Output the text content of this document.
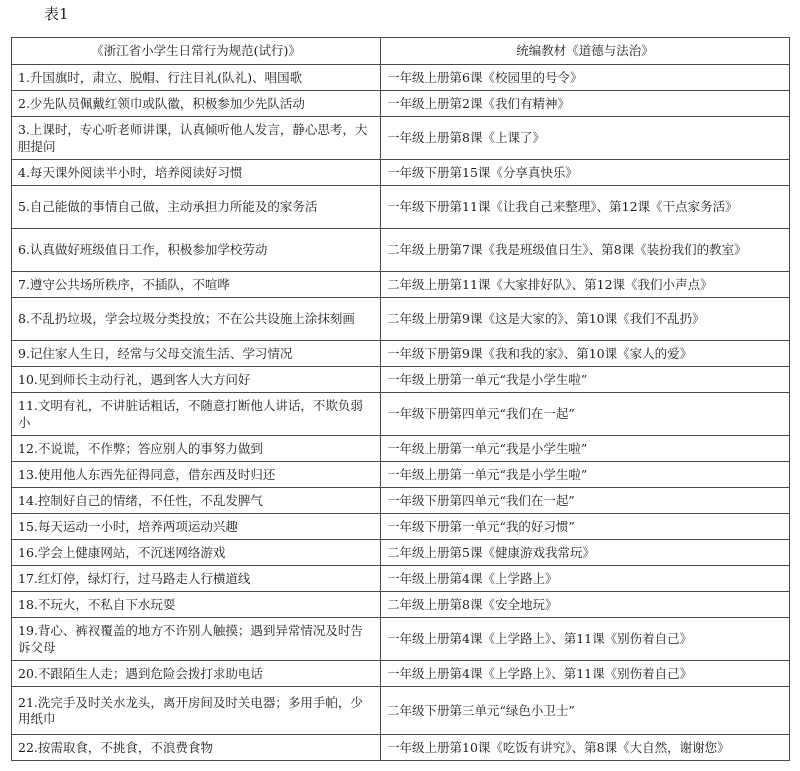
表1
《浙江省小学生日常行为规范(试行)》	统编教材《道德与法治》
1.升国旗时，肃立、脱帽、行注目礼(队礼)、唱国歌	一年级上册第6课《校园里的号令》
2.少先队员佩戴红领巾或队徽，积极参加少先队活动	一年级上册第2课《我们有精神》
3.上课时，专心听老师讲课，认真倾听他人发言，静心思考，大胆提问	一年级上册第8课《上课了》
4.每天课外阅读半小时，培养阅读好习惯	一年级下册第15课《分享真快乐》
5.自己能做的事情自己做，主动承担力所能及的家务活	一年级下册第11课《让我自己来整理》、第12课《干点家务活》
6.认真做好班级值日工作，积极参加学校劳动	二年级上册第7课《我是班级值日生》、第8课《装扮我们的教室》
7.遵守公共场所秩序，不插队，不喧哗	二年级上册第11课《大家排好队》、第12课《我们小声点》
8.不乱扔垃圾，学会垃圾分类投放；不在公共设施上涂抹刻画	二年级上册第9课《这是大家的》、第10课《我们不乱扔》
9.记住家人生日，经常与父母交流生活、学习情况	一年级下册第9课《我和我的家》、第10课《家人的爱》
10.见到师长主动行礼，遇到客人大方问好	一年级上册第一单元“我是小学生啦”
11.文明有礼，不讲脏话粗话，不随意打断他人讲话，不欺负弱小	一年级下册第四单元“我们在一起”
12.不说谎，不作弊；答应别人的事努力做到	一年级上册第一单元“我是小学生啦”
13.使用他人东西先征得同意，借东西及时归还	一年级上册第一单元“我是小学生啦”
14.控制好自己的情绪，不任性，不乱发脾气	一年级下册第四单元“我们在一起”
15.每天运动一小时，培养两项运动兴趣	一年级下册第一单元“我的好习惯”
16.学会上健康网站，不沉迷网络游戏	二年级上册第5课《健康游戏我常玩》
17.红灯停，绿灯行，过马路走人行横道线	一年级上册第4课《上学路上》
18.不玩火，不私自下水玩耍	二年级上册第8课《安全地玩》
19.背心、裤衩覆盖的地方不许别人触摸；遇到异常情况及时告诉父母	一年级上册第4课《上学路上》、第11课《别伤着自己》
20.不跟陌生人走；遇到危险会拨打求助电话	一年级上册第4课《上学路上》、第11课《别伤着自己》
21.洗完手及时关水龙头，离开房间及时关电器；多用手帕，少用纸巾	二年级下册第三单元“绿色小卫士”
22.按需取食，不挑食，不浪费食物	一年级上册第10课《吃饭有讲究》、第8课《大自然，谢谢您》
